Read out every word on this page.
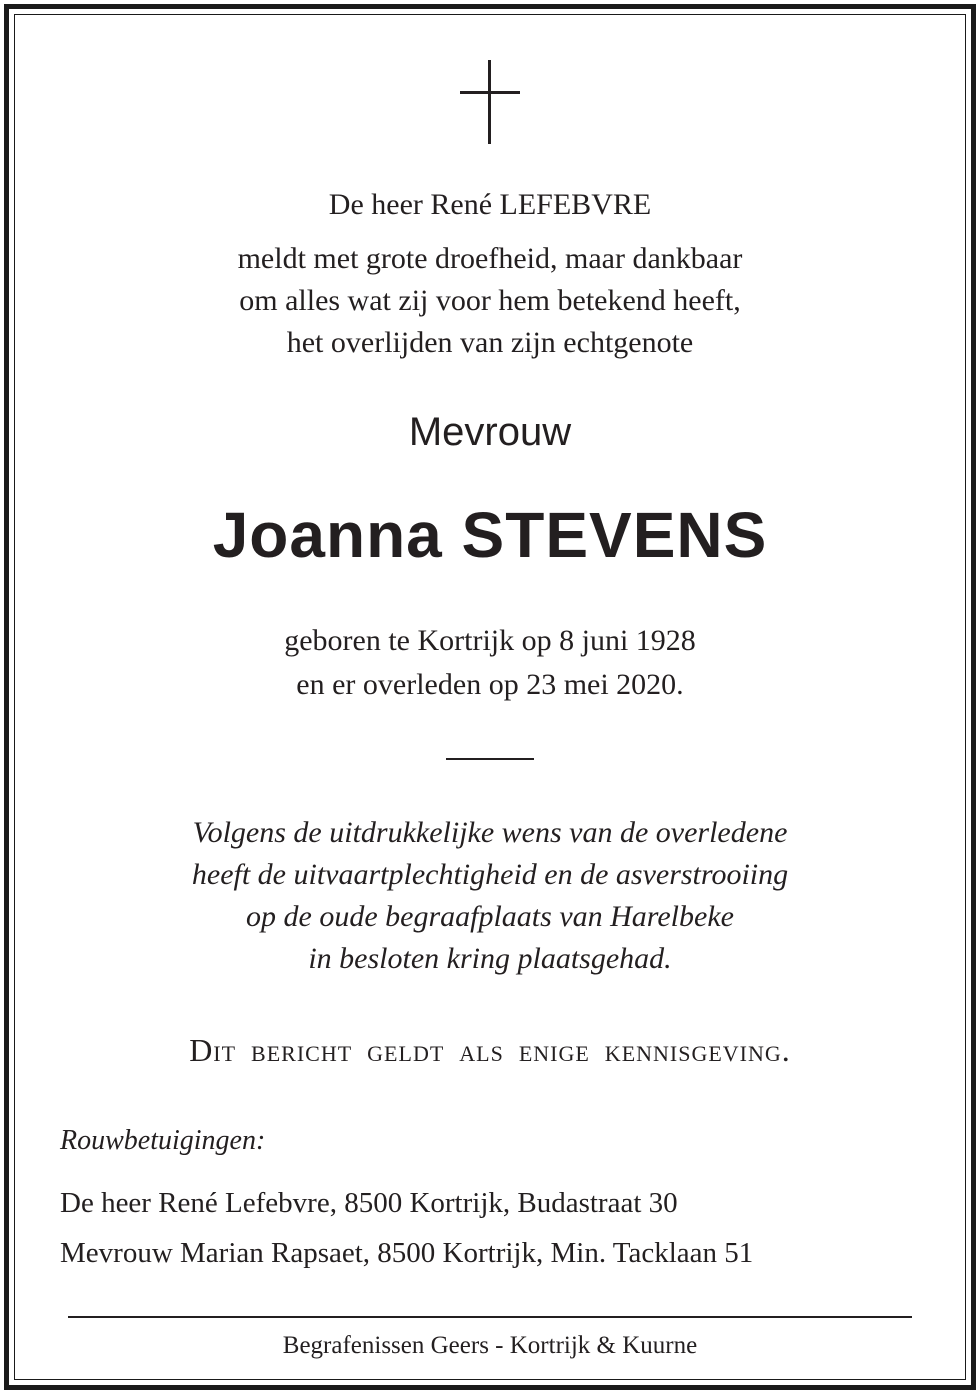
De heer René LEFEBVRE
meldt met grote droefheid, maar dankbaar
om alles wat zij voor hem betekend heeft,
het overlijden van zijn echtgenote
Mevrouw
Joanna STEVENS
geboren te Kortrijk op 8 juni 1928
en er overleden op 23 mei 2020.
Volgens de uitdrukkelijke wens van de overledene
heeft de uitvaartplechtigheid en de asverstrooiing
op de oude begraafplaats van Harelbeke
in besloten kring plaatsgehad.
Dit bericht geldt als enige kennisgeving.
Rouwbetuigingen:
De heer René Lefebvre, 8500 Kortrijk, Budastraat 30
Mevrouw Marian Rapsaet, 8500 Kortrijk, Min. Tacklaan 51
Begrafenissen Geers - Kortrijk & Kuurne
